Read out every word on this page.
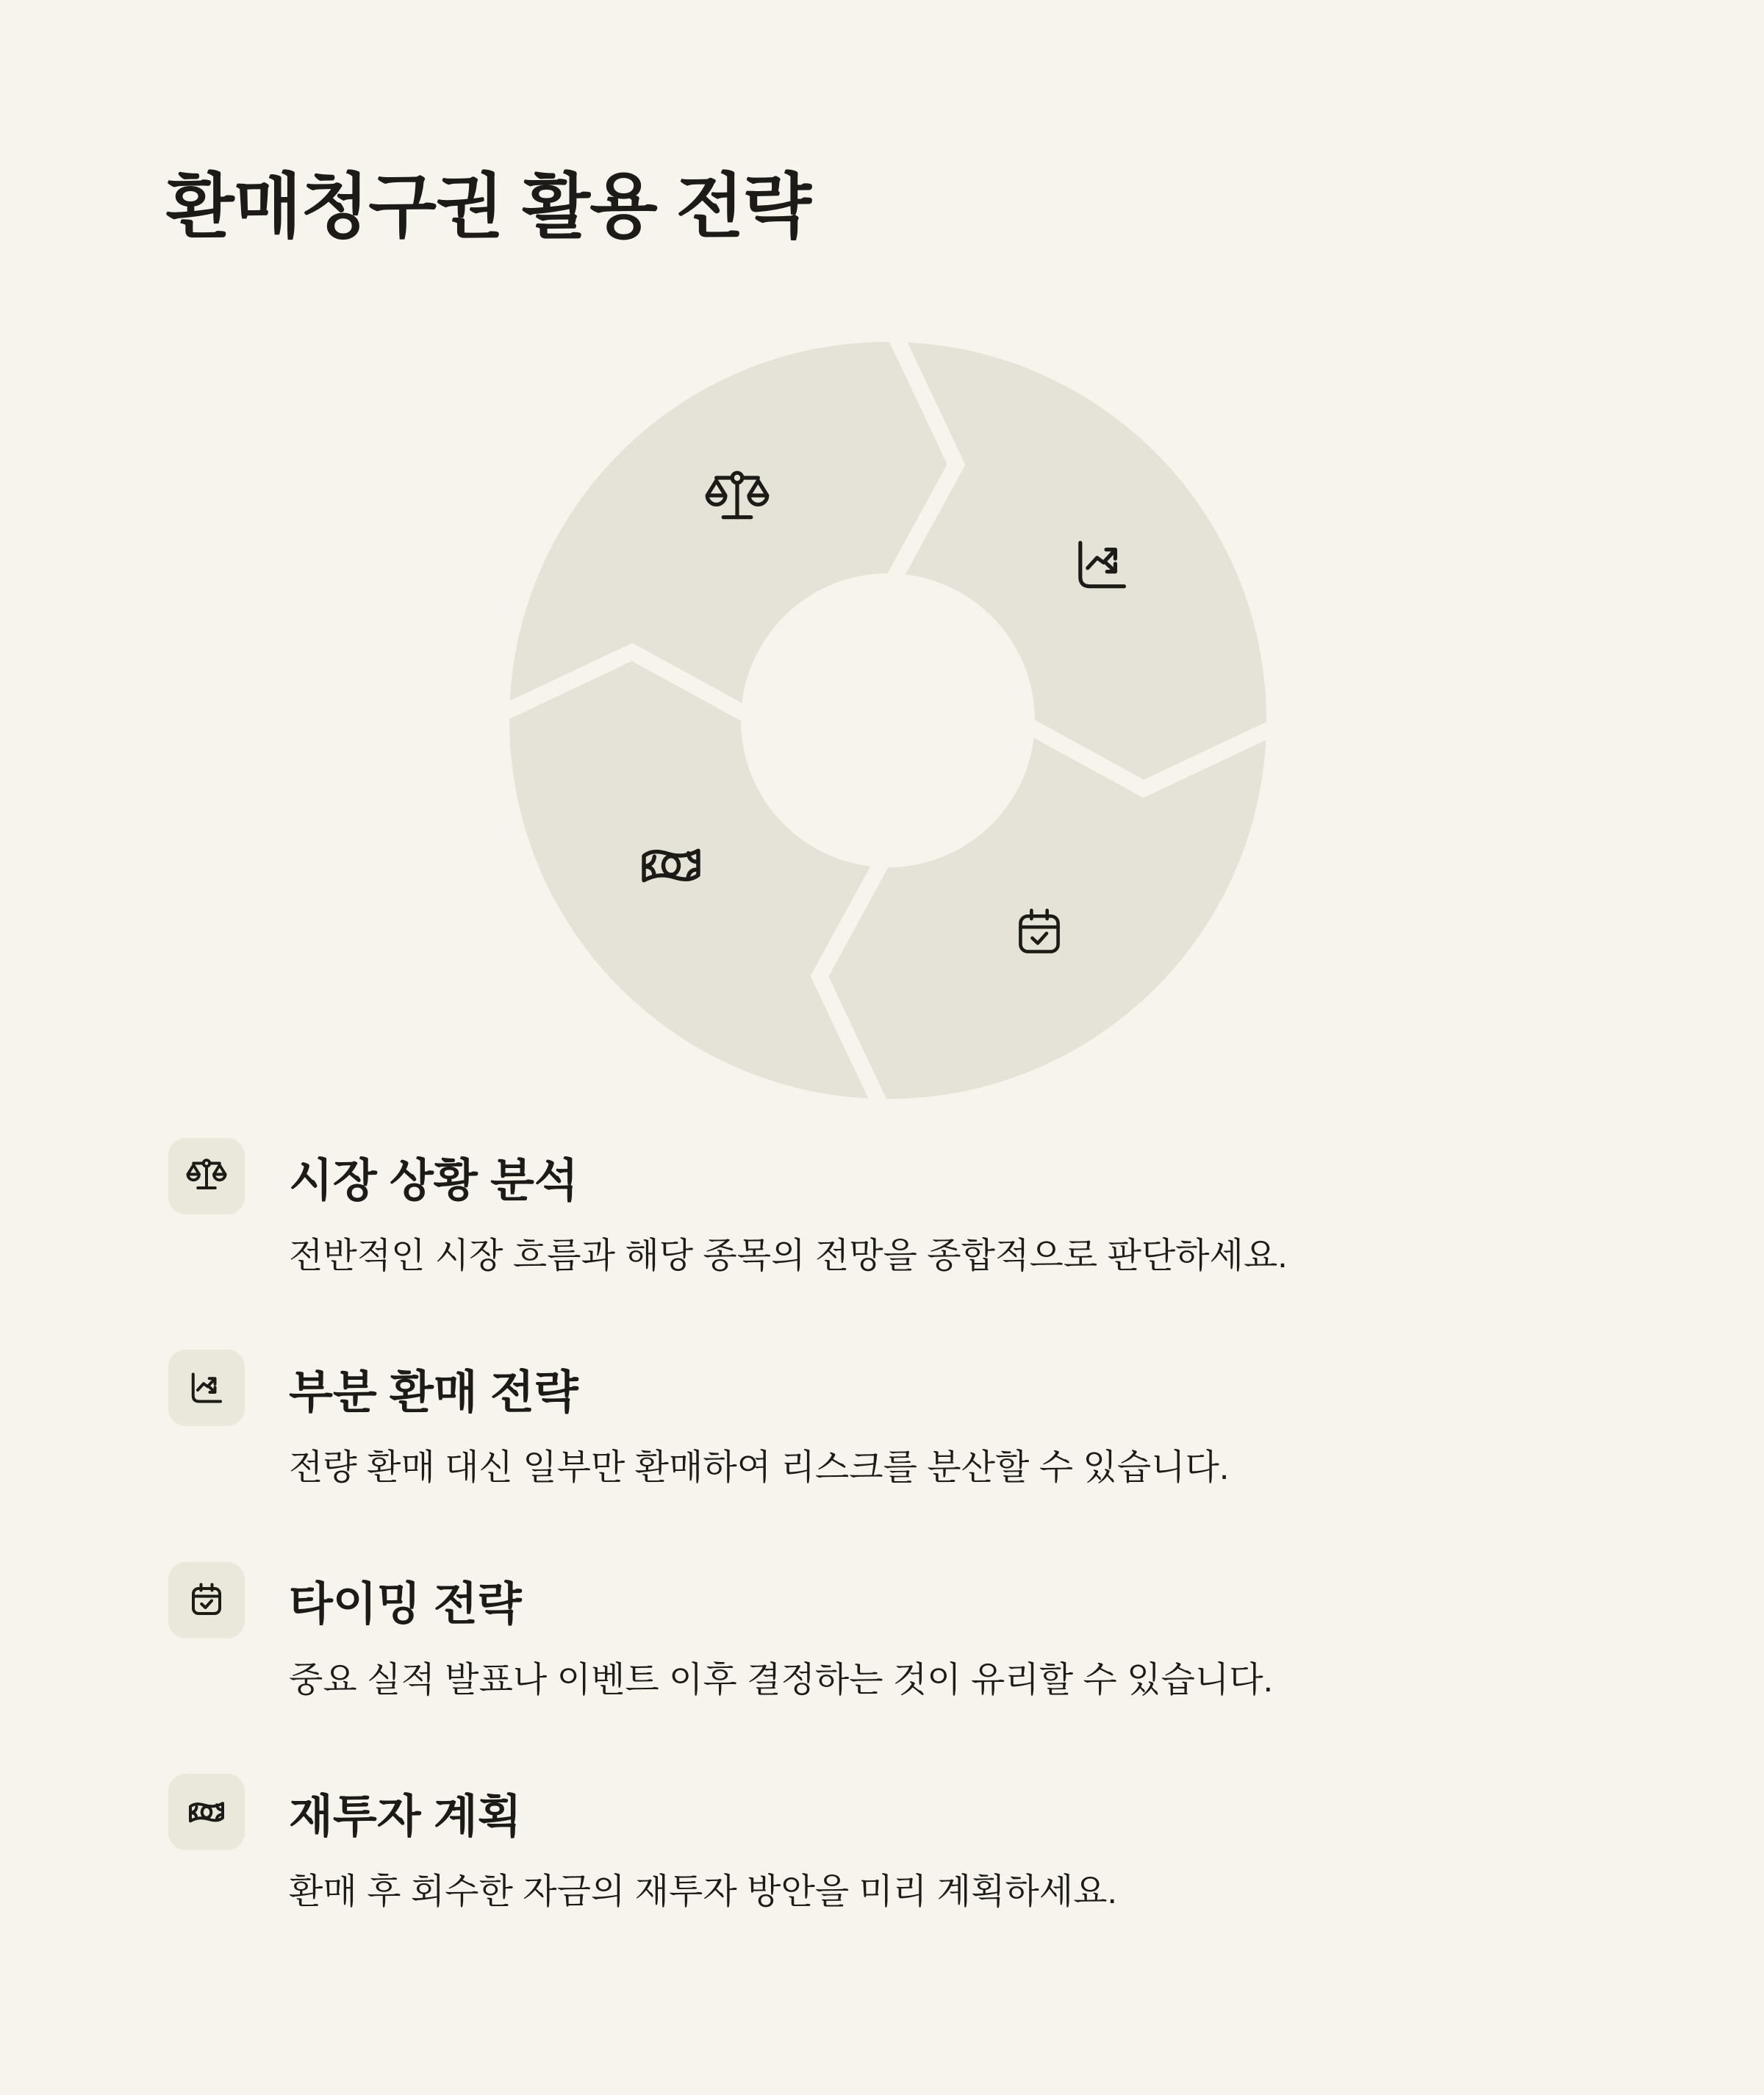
환매청구권 활용 전략
시장 상황 분석
전반적인 시장 흐름과 해당 종목의 전망을 종합적으로 판단하세요.
부분 환매 전략
전량 환매 대신 일부만 환매하여 리스크를 분산할 수 있습니다.
타이밍 전략
중요 실적 발표나 이벤트 이후 결정하는 것이 유리할 수 있습니다.
재투자 계획
환매 후 회수한 자금의 재투자 방안을 미리 계획하세요.
